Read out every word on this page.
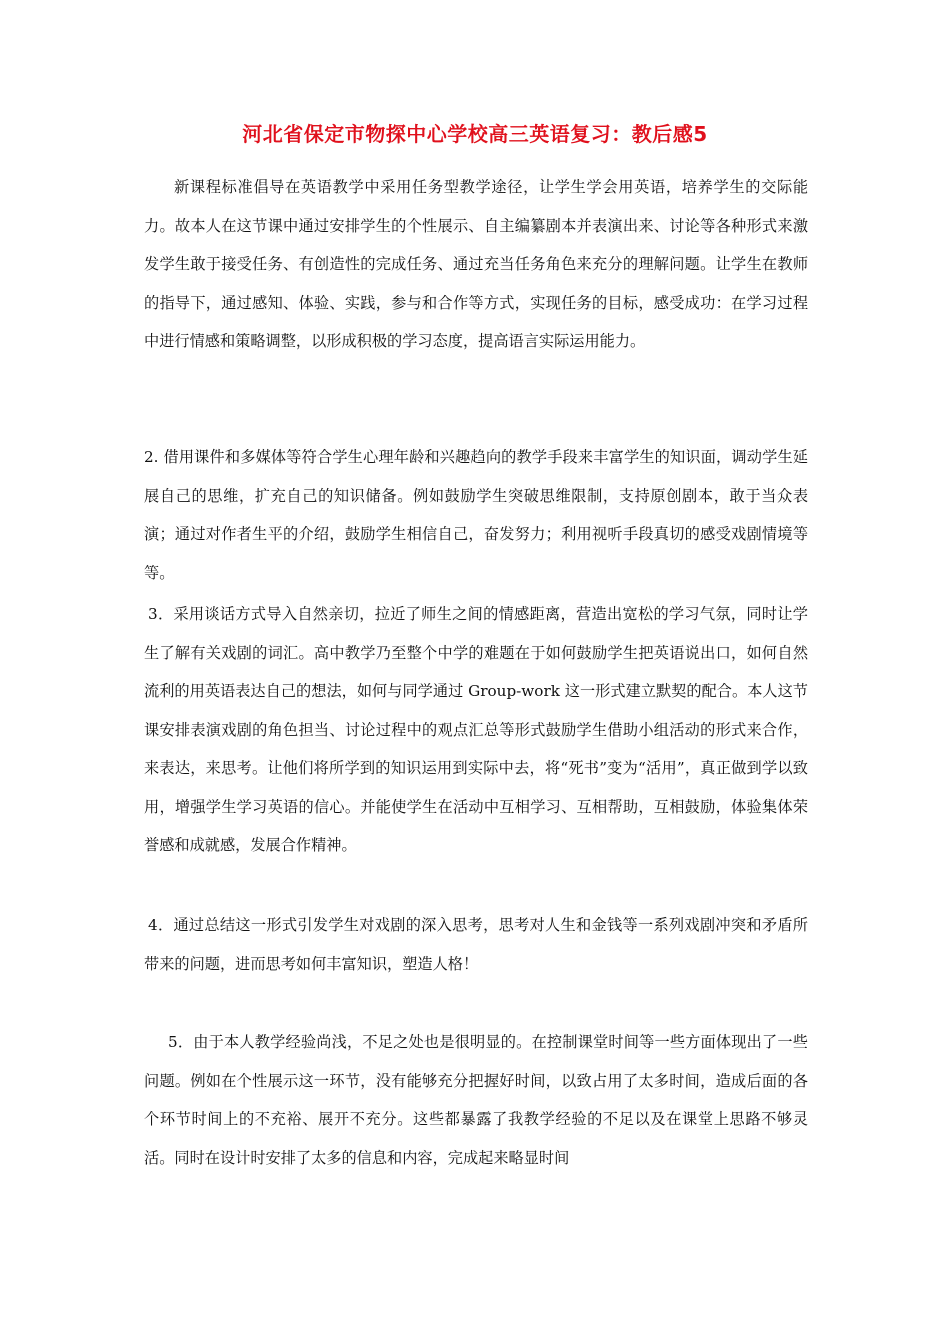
河北省保定市物探中心学校高三英语复习：教后感5

新课程标准倡导在英语教学中采用任务型教学途径，让学生学会用英语，培养学生的交际能力。故本人在这节课中通过安排学生的个性展示、自主编纂剧本并表演出来、讨论等各种形式来激发学生敢于接受任务、有创造性的完成任务、通过充当任务角色来充分的理解问题。让学生在教师的指导下，通过感知、体验、实践，参与和合作等方式，实现任务的目标，感受成功：在学习过程中进行情感和策略调整，以形成积极的学习态度，提高语言实际运用能力。

2. 借用课件和多媒体等符合学生心理年龄和兴趣趋向的教学手段来丰富学生的知识面，调动学生延展自己的思维，扩充自己的知识储备。例如鼓励学生突破思维限制，支持原创剧本，敢于当众表演；通过对作者生平的介绍，鼓励学生相信自己，奋发努力；利用视听手段真切的感受戏剧情境等等。

3．采用谈话方式导入自然亲切，拉近了师生之间的情感距离，营造出宽松的学习气氛，同时让学生了解有关戏剧的词汇。高中教学乃至整个中学的难题在于如何鼓励学生把英语说出口，如何自然流利的用英语表达自己的想法，如何与同学通过 Group-work 这一形式建立默契的配合。本人这节课安排表演戏剧的角色担当、讨论过程中的观点汇总等形式鼓励学生借助小组活动的形式来合作，来表达，来思考。让他们将所学到的知识运用到实际中去，将“死书”变为“活用”，真正做到学以致用，增强学生学习英语的信心。并能使学生在活动中互相学习、互相帮助，互相鼓励，体验集体荣誉感和成就感，发展合作精神。

4．通过总结这一形式引发学生对戏剧的深入思考，思考对人生和金钱等一系列戏剧冲突和矛盾所带来的问题，进而思考如何丰富知识，塑造人格！

5．由于本人教学经验尚浅，不足之处也是很明显的。在控制课堂时间等一些方面体现出了一些问题。例如在个性展示这一环节，没有能够充分把握好时间，以致占用了太多时间，造成后面的各个环节时间上的不充裕、展开不充分。这些都暴露了我教学经验的不足以及在课堂上思路不够灵活。同时在设计时安排了太多的信息和内容，完成起来略显时间
